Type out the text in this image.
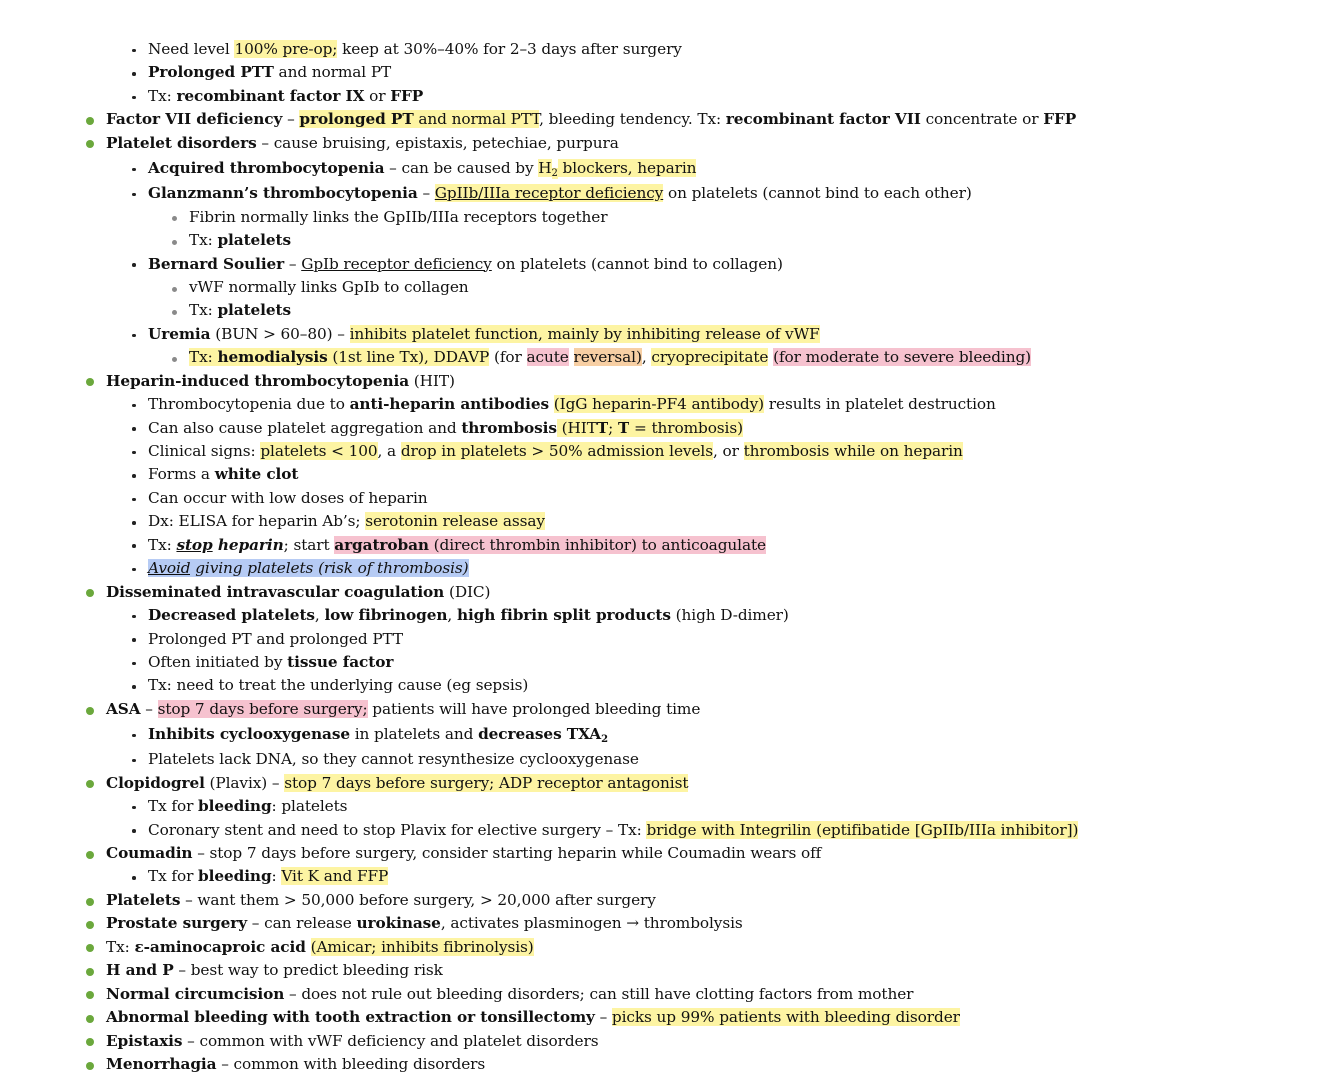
Need level 100% pre-op; keep at 30%–40% for 2–3 days after surgery
Prolonged PTT and normal PT
Tx: recombinant factor IX or FFP
Factor VII deficiency – prolonged PT and normal PTT, bleeding tendency. Tx: recombinant factor VII concentrate or FFP
Platelet disorders – cause bruising, epistaxis, petechiae, purpura
Acquired thrombocytopenia – can be caused by $H_2$ blockers, heparin
Glanzmann’s thrombocytopenia – GpIIb/IIIa receptor deficiency on platelets (cannot bind to each other)
Fibrin normally links the GpIIb/IIIa receptors together
Tx: platelets
Bernard Soulier – GpIb receptor deficiency on platelets (cannot bind to collagen)
vWF normally links GpIb to collagen
Tx: platelets
Uremia (BUN > 60–80) – inhibits platelet function, mainly by inhibiting release of vWF
Tx: hemodialysis (1st line Tx), DDAVP (for acute reversal), cryoprecipitate (for moderate to severe bleeding)
Heparin-induced thrombocytopenia (HIT)
Thrombocytopenia due to anti-heparin antibodies (IgG heparin-PF4 antibody) results in platelet destruction
Can also cause platelet aggregation and thrombosis (HITT; T = thrombosis)
Clinical signs: platelets < 100, a drop in platelets > 50% admission levels, or thrombosis while on heparin
Forms a white clot
Can occur with low doses of heparin
Dx: ELISA for heparin Ab’s; serotonin release assay
Tx: stop heparin; start argatroban (direct thrombin inhibitor) to anticoagulate
Avoid giving platelets (risk of thrombosis)
Disseminated intravascular coagulation (DIC)
Decreased platelets, low fibrinogen, high fibrin split products (high D-dimer)
Prolonged PT and prolonged PTT
Often initiated by tissue factor
Tx: need to treat the underlying cause (eg sepsis)
ASA – stop 7 days before surgery; patients will have prolonged bleeding time
Inhibits cyclooxygenase in platelets and decreases $TXA_2$
Platelets lack DNA, so they cannot resynthesize cyclooxygenase
Clopidogrel (Plavix) – stop 7 days before surgery; ADP receptor antagonist
Tx for bleeding: platelets
Coronary stent and need to stop Plavix for elective surgery – Tx: bridge with Integrilin (eptifibatide [GpIIb/IIIa inhibitor])
Coumadin – stop 7 days before surgery, consider starting heparin while Coumadin wears off
Tx for bleeding: Vit K and FFP
Platelets – want them > 50,000 before surgery, > 20,000 after surgery
Prostate surgery – can release urokinase, activates plasminogen → thrombolysis
Tx: ε-aminocaproic acid (Amicar; inhibits fibrinolysis)
H and P – best way to predict bleeding risk
Normal circumcision – does not rule out bleeding disorders; can still have clotting factors from mother
Abnormal bleeding with tooth extraction or tonsillectomy – picks up 99% patients with bleeding disorder
Epistaxis – common with vWF deficiency and platelet disorders
Menorrhagia – common with bleeding disorders
